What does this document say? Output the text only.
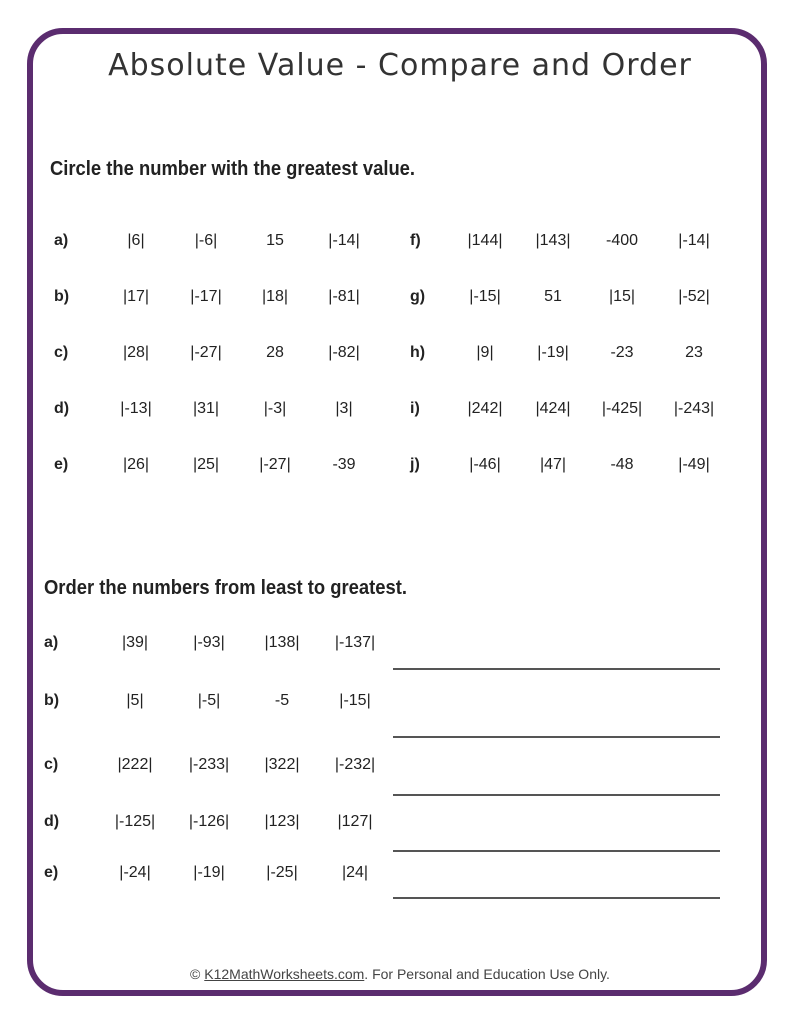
Absolute Value - Compare and Order
Circle the number with the greatest value.
a)	|6|	|-6|	15	|-14|	f)	|144|	|143|	-400	|-14|
b)	|17|	|-17|	|18|	|-81|	g)	|-15|	51	|15|	|-52|
c)	|28|	|-27|	28	|-82|	h)	|9|	|-19|	-23	23
d)	|-13|	|31|	|-3|	|3|	i)	|242|	|424|	|-425|	|-243|
e)	|26|	|25|	|-27|	-39	j)	|-46|	|47|	-48	|-49|
Order the numbers from least to greatest.
a)	|39|	|-93|	|138|	|-137|
b)	|5|	|-5|	-5	|-15|
c)	|222|	|-233|	|322|	|-232|
d)	|-125|	|-126|	|123|	|127|
e)	|-24|	|-19|	|-25|	|24|
© K12MathWorksheets.com. For Personal and Education Use Only.
